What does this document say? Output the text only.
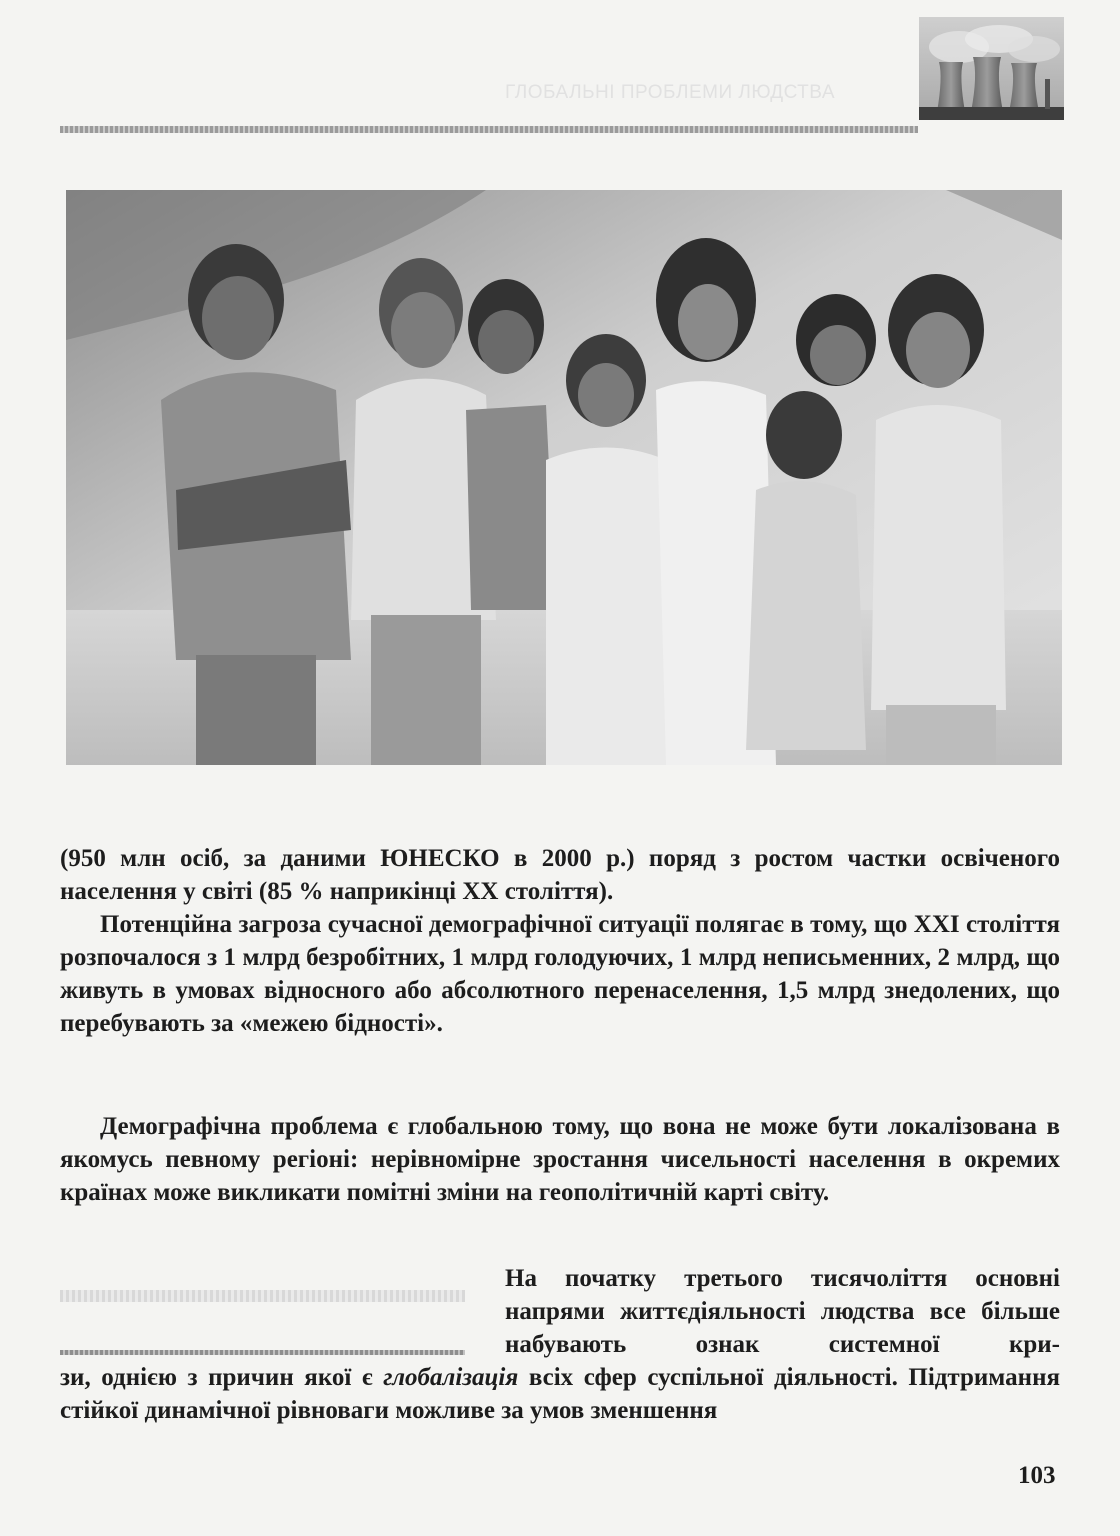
ГЛОБАЛЬНІ ПРОБЛЕМИ ЛЮДСТВА

(950 млн осіб, за даними ЮНЕСКО в 2000 р.) поряд з ростом частки освіченого населення у світі (85 % наприкінці XX століття).

Потенційна загроза сучасної демографічної ситуації полягає в тому, що XXI століття розпочалося з 1 млрд безробітних, 1 млрд голодуючих, 1 млрд неписьменних, 2 млрд, що живуть в умовах відносного або абсолютного перенаселення, 1,5 млрд знедолених, що перебувають за «межею бідності».

Демографічна проблема є глобальною тому, що вона не може бути локалізована в якомусь певному регіоні: нерівномірне зростання чисельності населення в окремих країнах може викликати помітні зміни на геополітичній карті світу.

На початку третього тисячоліття основні напрями життєдіяльності людства все більше набувають ознак системної кри-

зи, однією з причин якої є глобалізація всіх сфер суспільної діяльності. Підтримання стійкої динамічної рівноваги можливе за умов зменшення

103
